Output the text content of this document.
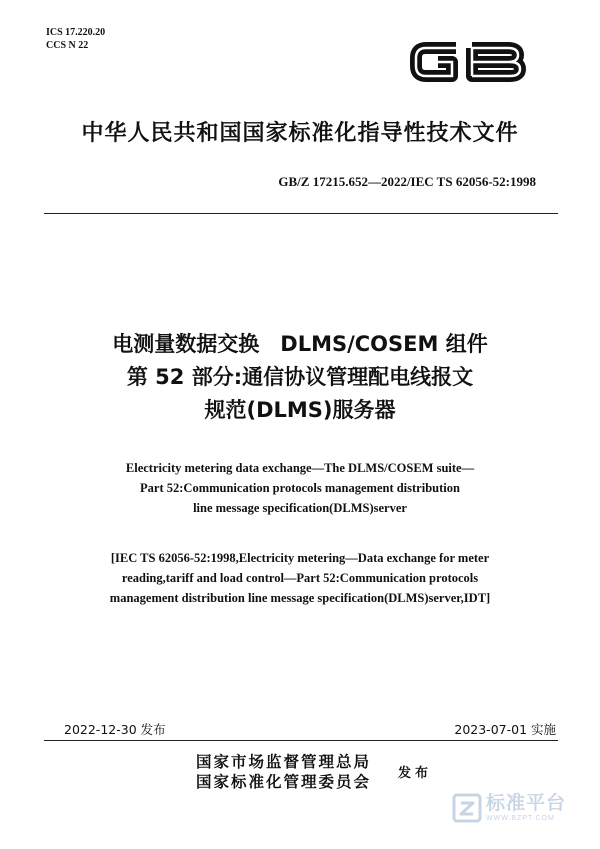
ICS 17.220.20
CCS N 22
中华人民共和国国家标准化指导性技术文件
GB/Z 17215.652—2022/IEC TS 62056-52:1998
电测量数据交换　DLMS/COSEM 组件
第 52 部分:通信协议管理配电线报文
规范(DLMS)服务器
Electricity metering data exchange—The DLMS/COSEM suite—
Part 52:Communication protocols management distribution
line message specification(DLMS)server
[IEC TS 62056-52:1998,Electricity metering—Data exchange for meter
reading,tariff and load control—Part 52:Communication protocols
management distribution line message specification(DLMS)server,IDT]
2022-12-30 发布	2023-07-01 实施
国家市场监督管理总局
国家标准化管理委员会 发布
标准平台
WWW.BZPT.COM
